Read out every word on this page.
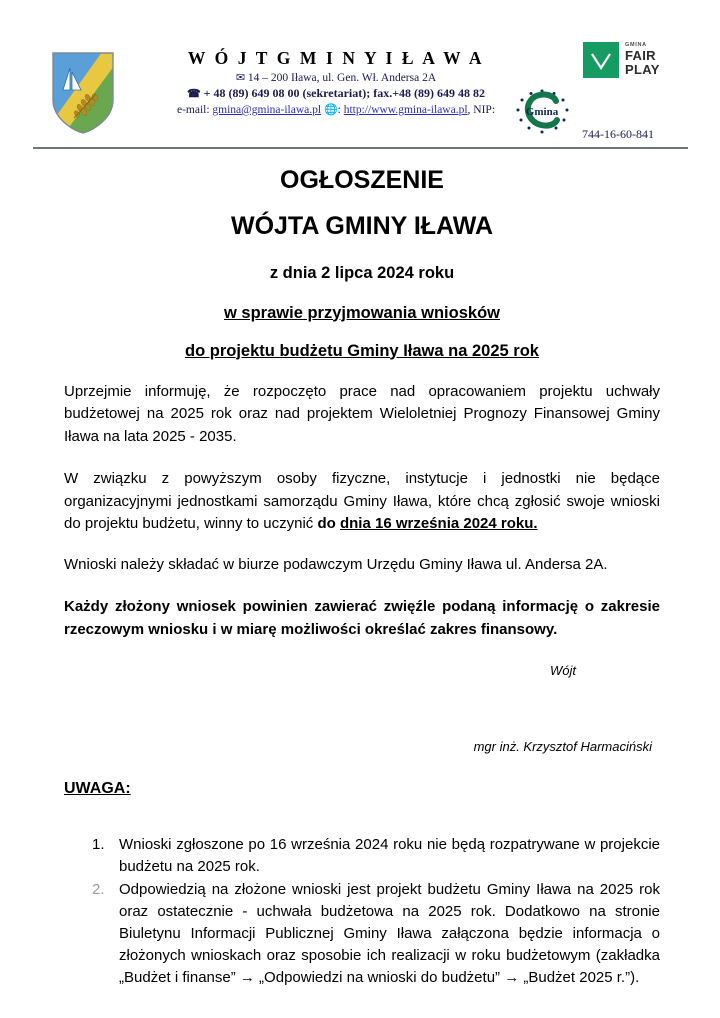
W Ó J T G M I N Y I Ł A W A
✉ 14 – 200 Iława, ul. Gen. Wł. Andersa 2A
☎ + 48 (89) 649 08 00 (sekretariat); fax.+48 (89) 649 48 82
e-mail: gmina@gmina-ilawa.pl 🌐: http://www.gmina-ilawa.pl, NIP:
744-16-60-841
Gmina
GMINA
FAIR PLAY
OGŁOSZENIE
WÓJTA GMINY IŁAWA
z dnia 2 lipca 2024 roku
w sprawie przyjmowania wniosków
do projektu budżetu Gminy Iława na 2025 rok

Uprzejmie informuję, że rozpoczęto prace nad opracowaniem projektu uchwały budżetowej na 2025 rok oraz nad projektem Wieloletniej Prognozy Finansowej Gminy Iława na lata 2025 - 2035.

W związku z powyższym osoby fizyczne, instytucje i jednostki nie będące organizacyjnymi jednostkami samorządu Gminy Iława, które chcą zgłosić swoje wnioski do projektu budżetu, winny to uczynić do dnia 16 września 2024 roku.

Wnioski należy składać w biurze podawczym Urzędu Gminy Iława ul. Andersa 2A.

Każdy złożony wniosek powinien zawierać zwięźle podaną informację o zakresie rzeczowym wniosku i w miarę możliwości określać zakres finansowy.

Wójt
mgr inż. Krzysztof Harmaciński
UWAGA:
1. Wnioski zgłoszone po 16 września 2024 roku nie będą rozpatrywane w projekcie budżetu na 2025 rok.
2. Odpowiedzią na złożone wnioski jest projekt budżetu Gminy Iława na 2025 rok oraz ostatecznie - uchwała budżetowa na 2025 rok. Dodatkowo na stronie Biuletynu Informacji Publicznej Gminy Iława załączona będzie informacja o złożonych wnioskach oraz sposobie ich realizacji w roku budżetowym (zakładka „Budżet i finanse” → „Odpowiedzi na wnioski do budżetu” → „Budżet 2025 r.”).
